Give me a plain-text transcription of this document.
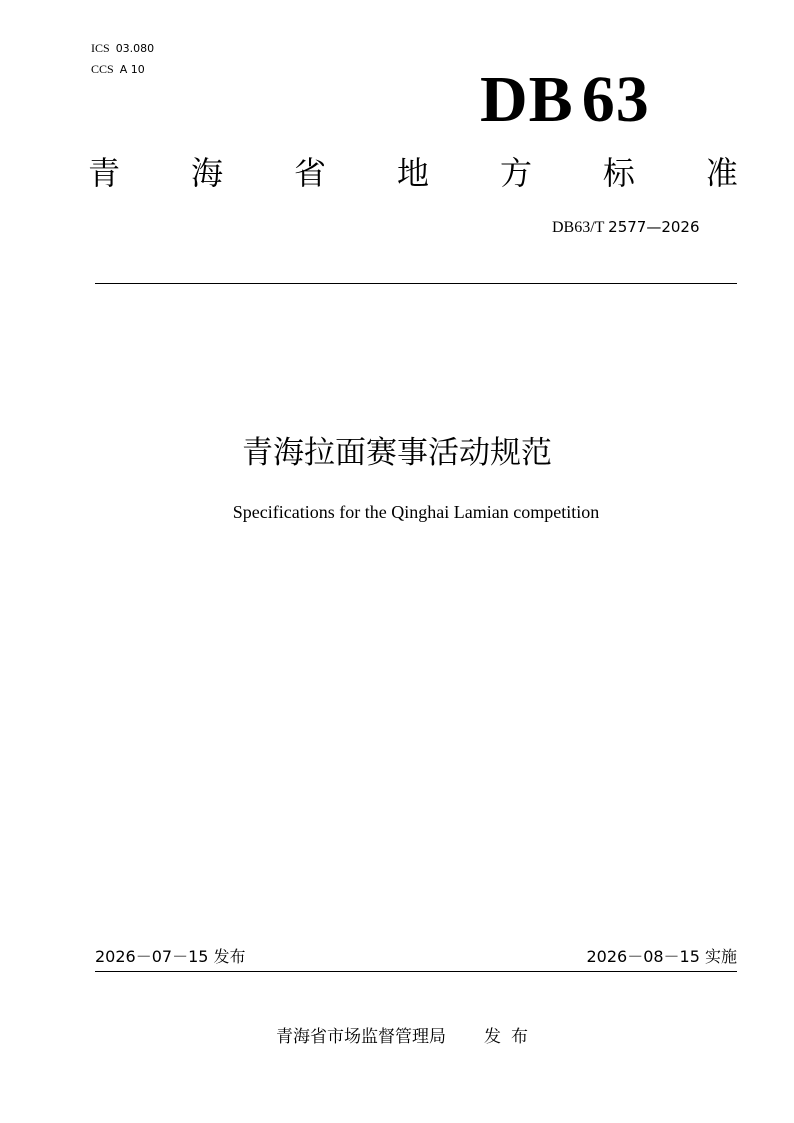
ICS 03.080
CCS A 10	DB 63
青 海 省 地 方 标 准
DB63/T 2577—2026
青海拉面赛事活动规范
Specifications for the Qinghai Lamian competition
2026－07－15 发布	2026－08－15 实施
青海省市场监督管理局 发布
